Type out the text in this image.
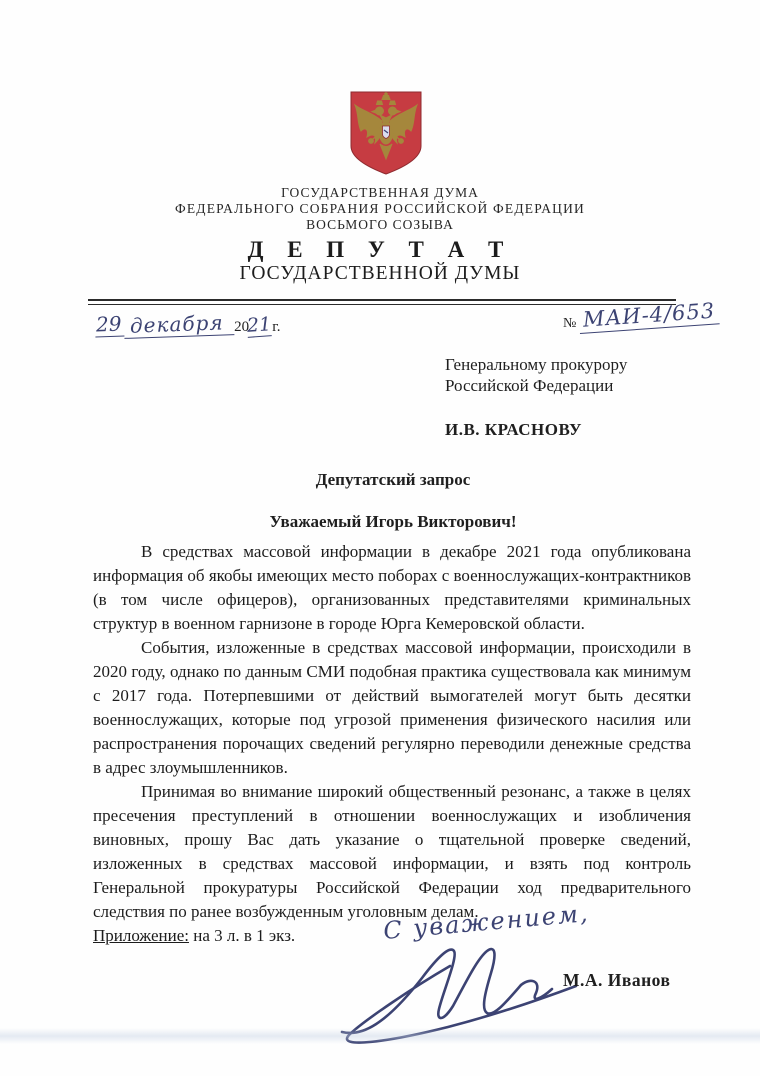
ГОСУДАРСТВЕННАЯ ДУМА
ФЕДЕРАЛЬНОГО СОБРАНИЯ РОССИЙСКОЙ ФЕДЕРАЦИИ
ВОСЬМОГО СОЗЫВА
Д Е П У Т А Т
ГОСУДАРСТВЕННОЙ ДУМЫ
29 декабря 2021г.	№ МАИ-4/653
Генеральному прокурору
Российской Федерации
И.В. КРАСНОВУ
Депутатский запрос
Уважаемый Игорь Викторович!

В средствах массовой информации в декабре 2021 года опубликована информация об якобы имеющих место поборах с военнослужащих-контрактников (в том числе офицеров), организованных представителями криминальных структур в военном гарнизоне в городе Юрга Кемеровской области.

События, изложенные в средствах массовой информации, происходили в 2020 году, однако по данным СМИ подобная практика существовала как минимум с 2017 года. Потерпевшими от действий вымогателей могут быть десятки военнослужащих, которые под угрозой применения физического насилия или распространения порочащих сведений регулярно переводили денежные средства в адрес злоумышленников.

Принимая во внимание широкий общественный резонанс, а также в целях пресечения преступлений в отношении военнослужащих и изобличения виновных, прошу Вас дать указание о тщательной проверке сведений, изложенных в средствах массовой информации, и взять под контроль Генеральной прокуратуры Российской Федерации ход предварительного следствия по ранее возбужденным уголовным делам.

Приложение: на 3 л. в 1 экз.	С уважением,
М.А. Иванов
